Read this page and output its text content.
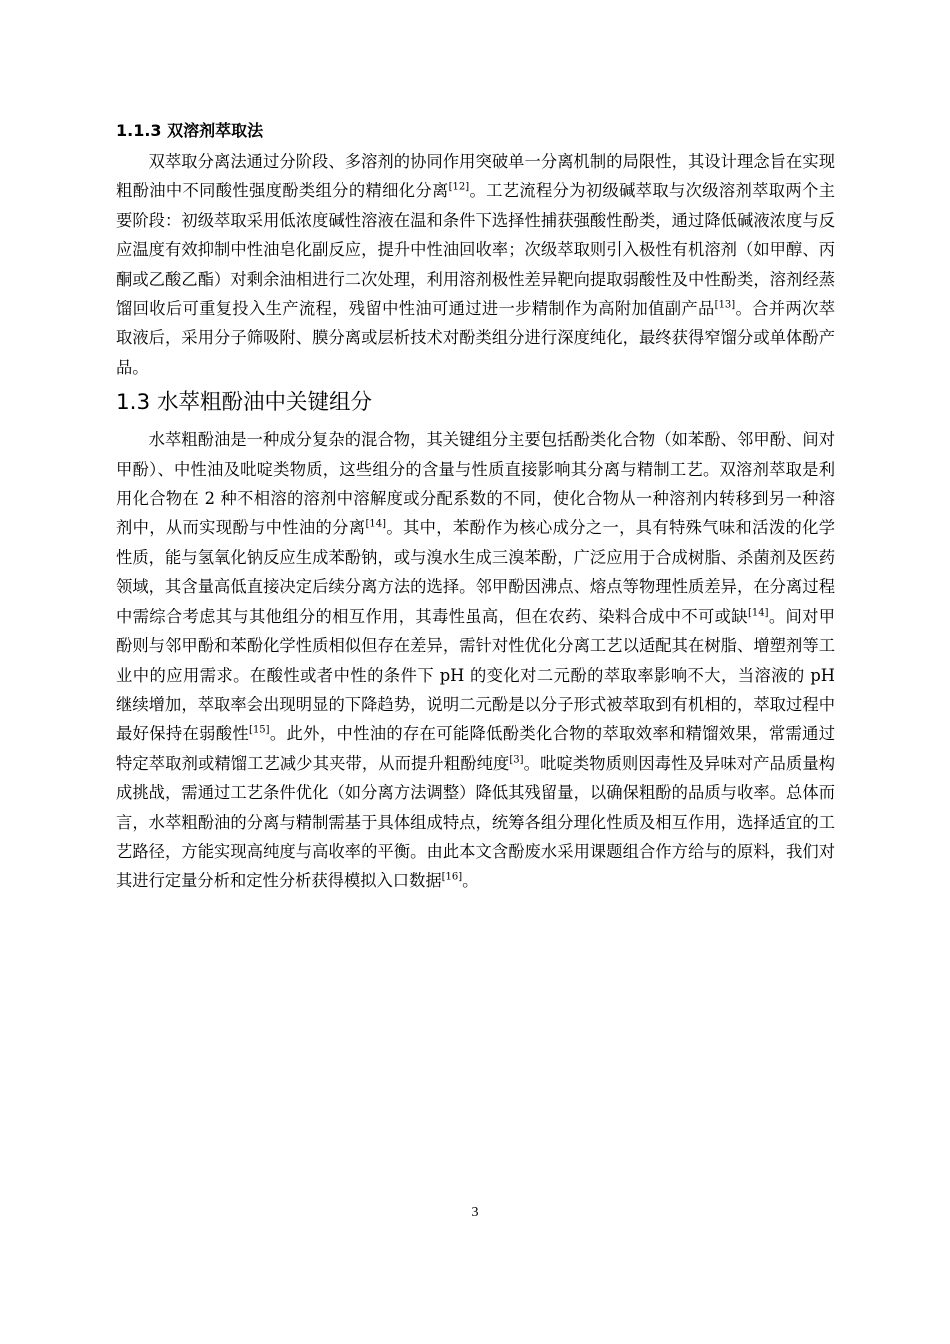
1.1.3 双溶剂萃取法

双萃取分离法通过分阶段、多溶剂的协同作用突破单一分离机制的局限性，其设计理念旨在实现粗酚油中不同酸性强度酚类组分的精细化分离[12]。工艺流程分为初级碱萃取与次级溶剂萃取两个主要阶段：初级萃取采用低浓度碱性溶液在温和条件下选择性捕获强酸性酚类，通过降低碱液浓度与反应温度有效抑制中性油皂化副反应，提升中性油回收率；次级萃取则引入极性有机溶剂（如甲醇、丙酮或乙酸乙酯）对剩余油相进行二次处理，利用溶剂极性差异靶向提取弱酸性及中性酚类，溶剂经蒸馏回收后可重复投入生产流程，残留中性油可通过进一步精制作为高附加值副产品[13]。合并两次萃取液后，采用分子筛吸附、膜分离或层析技术对酚类组分进行深度纯化，最终获得窄馏分或单体酚产品。

1.3 水萃粗酚油中关键组分

水萃粗酚油是一种成分复杂的混合物，其关键组分主要包括酚类化合物（如苯酚、邻甲酚、间对甲酚）、中性油及吡啶类物质，这些组分的含量与性质直接影响其分离与精制工艺。双溶剂萃取是利用化合物在 2 种不相溶的溶剂中溶解度或分配系数的不同，使化合物从一种溶剂内转移到另一种溶剂中，从而实现酚与中性油的分离[14]。其中，苯酚作为核心成分之一，具有特殊气味和活泼的化学性质，能与氢氧化钠反应生成苯酚钠，或与溴水生成三溴苯酚，广泛应用于合成树脂、杀菌剂及医药领域，其含量高低直接决定后续分离方法的选择。邻甲酚因沸点、熔点等物理性质差异，在分离过程中需综合考虑其与其他组分的相互作用，其毒性虽高，但在农药、染料合成中不可或缺[14]。间对甲酚则与邻甲酚和苯酚化学性质相似但存在差异，需针对性优化分离工艺以适配其在树脂、增塑剂等工业中的应用需求。在酸性或者中性的条件下 pH 的变化对二元酚的萃取率影响不大，当溶液的 pH 继续增加，萃取率会出现明显的下降趋势，说明二元酚是以分子形式被萃取到有机相的，萃取过程中最好保持在弱酸性[15]。此外，中性油的存在可能降低酚类化合物的萃取效率和精馏效果，常需通过特定萃取剂或精馏工艺减少其夹带，从而提升粗酚纯度[3]。吡啶类物质则因毒性及异味对产品质量构成挑战，需通过工艺条件优化（如分离方法调整）降低其残留量，以确保粗酚的品质与收率。总体而言，水萃粗酚油的分离与精制需基于具体组成特点，统筹各组分理化性质及相互作用，选择适宜的工艺路径，方能实现高纯度与高收率的平衡。由此本文含酚废水采用课题组合作方给与的原料，我们对其进行定量分析和定性分析获得模拟入口数据[16]。

3
